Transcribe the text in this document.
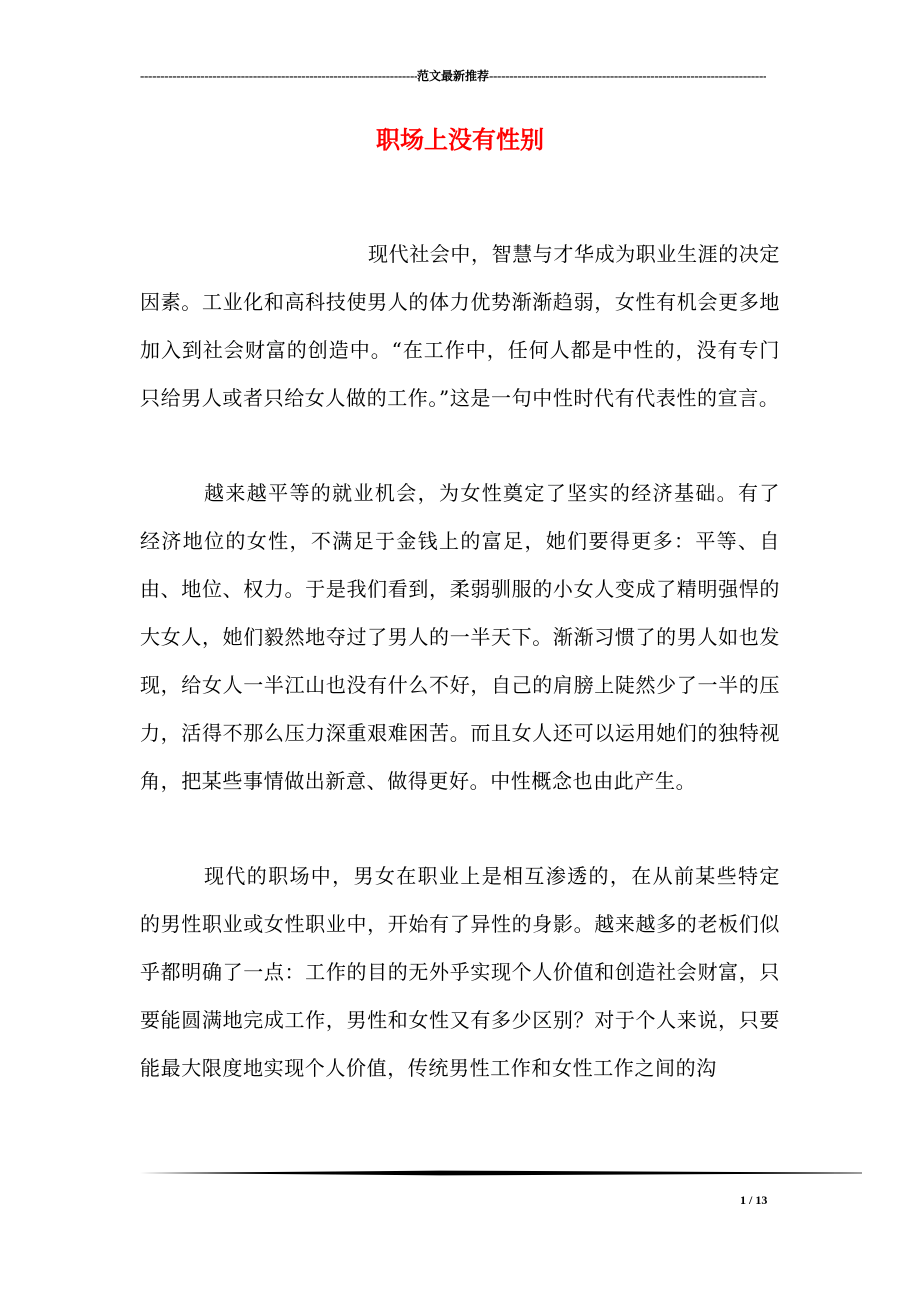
-----
范文最新推荐
-----
职场上没有性别

现代社会中，智慧与才华成为职业生涯的决定因素。工业化和高科技使男人的体力优势渐渐趋弱，女性有机会更多地加入到社会财富的创造中。“在工作中，任何人都是中性的，没有专门只给男人或者只给女人做的工作。”这是一句中性时代有代表性的宣言。

越来越平等的就业机会，为女性奠定了坚实的经济基础。有了经济地位的女性，不满足于金钱上的富足，她们要得更多：平等、自由、地位、权力。于是我们看到，柔弱驯服的小女人变成了精明强悍的大女人，她们毅然地夺过了男人的一半天下。渐渐习惯了的男人如也发现，给女人一半江山也没有什么不好，自己的肩膀上陡然少了一半的压力，活得不那么压力深重艰难困苦。而且女人还可以运用她们的独特视角，把某些事情做出新意、做得更好。中性概念也由此产生。

现代的职场中，男女在职业上是相互渗透的，在从前某些特定的男性职业或女性职业中，开始有了异性的身影。越来越多的老板们似乎都明确了一点：工作的目的无外乎实现个人价值和创造社会财富，只要能圆满地完成工作，男性和女性又有多少区别？对于个人来说，只要能最大限度地实现个人价值，传统男性工作和女性工作之间的沟

1 / 13
